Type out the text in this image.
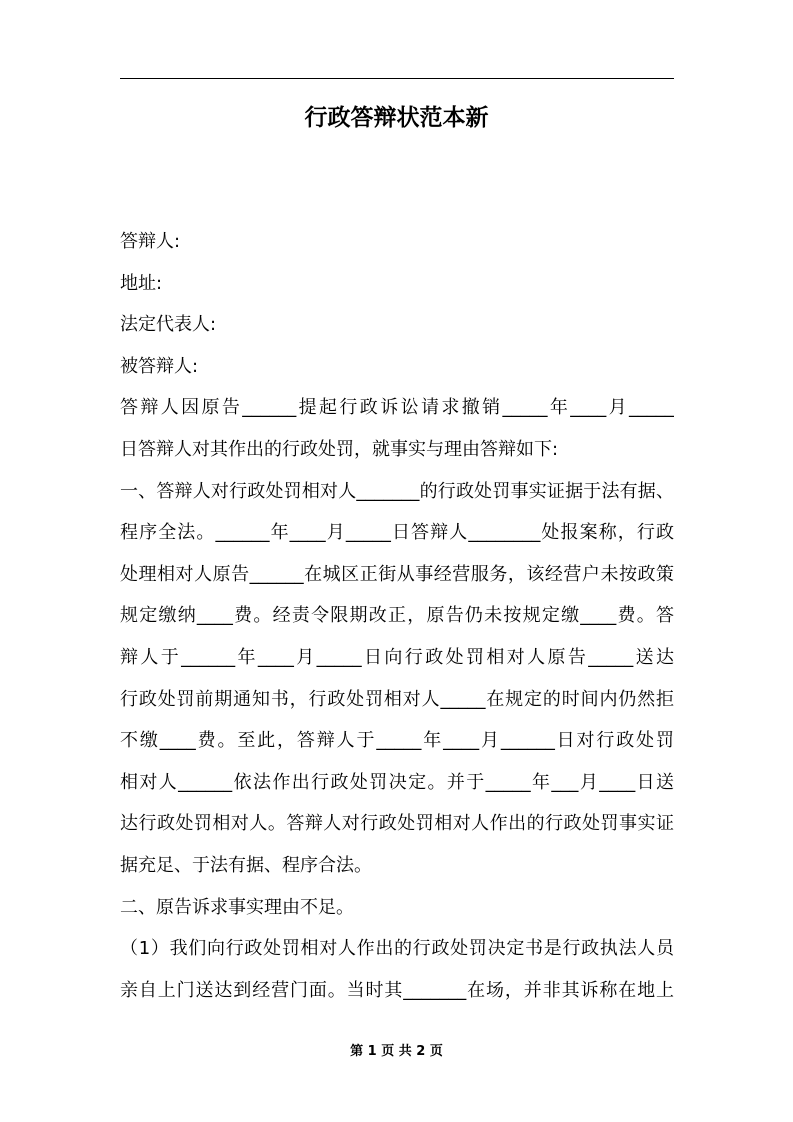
行政答辩状范本新
答辩人:
地址:
法定代表人:
被答辩人:
答辩人因原告______提起行政诉讼请求撤销_____年____月_____
日答辩人对其作出的行政处罚，就事实与理由答辩如下:
一、答辩人对行政处罚相对人_______的行政处罚事实证据于法有据、
程序全法。______年____月_____日答辩人________处报案称，行政
处理相对人原告______在城区正街从事经营服务，该经营户未按政策
规定缴纳____费。经责令限期改正，原告仍未按规定缴____费。答
辩人于______年____月_____日向行政处罚相对人原告_____送达
行政处罚前期通知书，行政处罚相对人_____在规定的时间内仍然拒
不缴____费。至此，答辩人于_____年____月______日对行政处罚
相对人______依法作出行政处罚决定。并于_____年___月____日送
达行政处罚相对人。答辩人对行政处罚相对人作出的行政处罚事实证
据充足、于法有据、程序合法。
二、原告诉求事实理由不足。
（1）我们向行政处罚相对人作出的行政处罚决定书是行政执法人员
亲自上门送达到经营门面。当时其_______在场，并非其诉称在地上
第 1 页 共 2 页
